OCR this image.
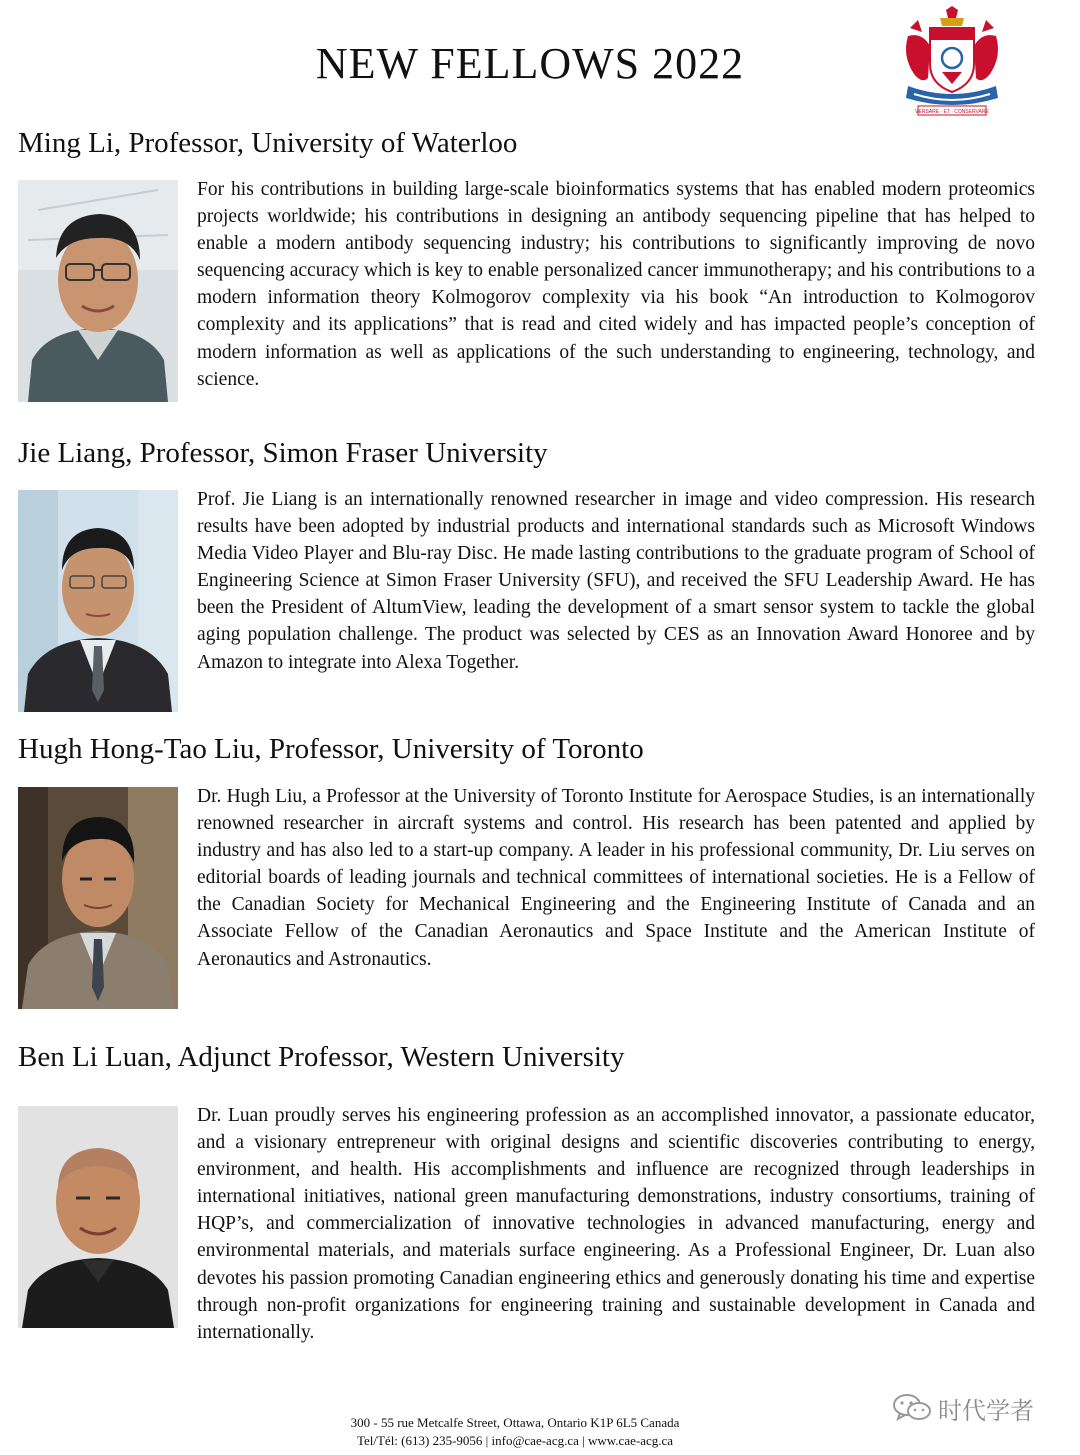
NEW FELLOWS 2022
VERSARE · ET · CONSERVARE
Ming Li, Professor, University of Waterloo

For his contributions in building large-scale bioinformatics systems that has enabled modern proteomics projects worldwide; his contributions in designing an antibody sequencing pipeline that has helped to enable a modern antibody sequencing industry; his contributions to significantly improving de novo sequencing accuracy which is key to enable personalized cancer immunotherapy; and his contributions to a modern information theory Kolmogorov complexity via his book “An introduction to Kolmogorov complexity and its applications” that is read and cited widely and has impacted people’s conception of modern information as well as applications of the such understanding to engineering, technology, and science.

Jie Liang, Professor, Simon Fraser University

Prof. Jie Liang is an internationally renowned researcher in image and video compression. His research results have been adopted by industrial products and international standards such as Microsoft Windows Media Video Player and Blu-ray Disc. He made lasting contributions to the graduate program of School of Engineering Science at Simon Fraser University (SFU), and received the SFU Leadership Award. He has been the President of AltumView, leading the development of a smart sensor system to tackle the global aging population challenge. The product was selected by CES as an Innovation Award Honoree and by Amazon to integrate into Alexa Together.

Hugh Hong-Tao Liu, Professor, University of Toronto

Dr. Hugh Liu, a Professor at the University of Toronto Institute for Aerospace Studies, is an internationally renowned researcher in aircraft systems and control. His research has been patented and applied by industry and has also led to a start-up company. A leader in his professional community, Dr. Liu serves on editorial boards of leading journals and technical committees of international societies. He is a Fellow of the Canadian Society for Mechanical Engineering and the Engineering Institute of Canada and an Associate Fellow of the Canadian Aeronautics and Space Institute and the American Institute of Aeronautics and Astronautics.

Ben Li Luan, Adjunct Professor, Western University

Dr. Luan proudly serves his engineering profession as an accomplished innovator, a passionate educator, and a visionary entrepreneur with original designs and scientific discoveries contributing to energy, environment, and health. His accomplishments and influence are recognized through leaderships in international initiatives, national green manufacturing demonstrations, industry consortiums, training of HQP’s, and commercialization of innovative technologies in advanced manufacturing, energy and environmental materials, and materials surface engineering. As a Professional Engineer, Dr. Luan also devotes his passion promoting Canadian engineering ethics and generously donating his time and expertise through non-profit organizations for engineering training and sustainable development in Canada and internationally.

300 - 55 rue Metcalfe Street, Ottawa, Ontario K1P 6L5 Canada
Tel/Tél: (613) 235-9056 | info@cae-acg.ca | www.cae-acg.ca
时代学者
